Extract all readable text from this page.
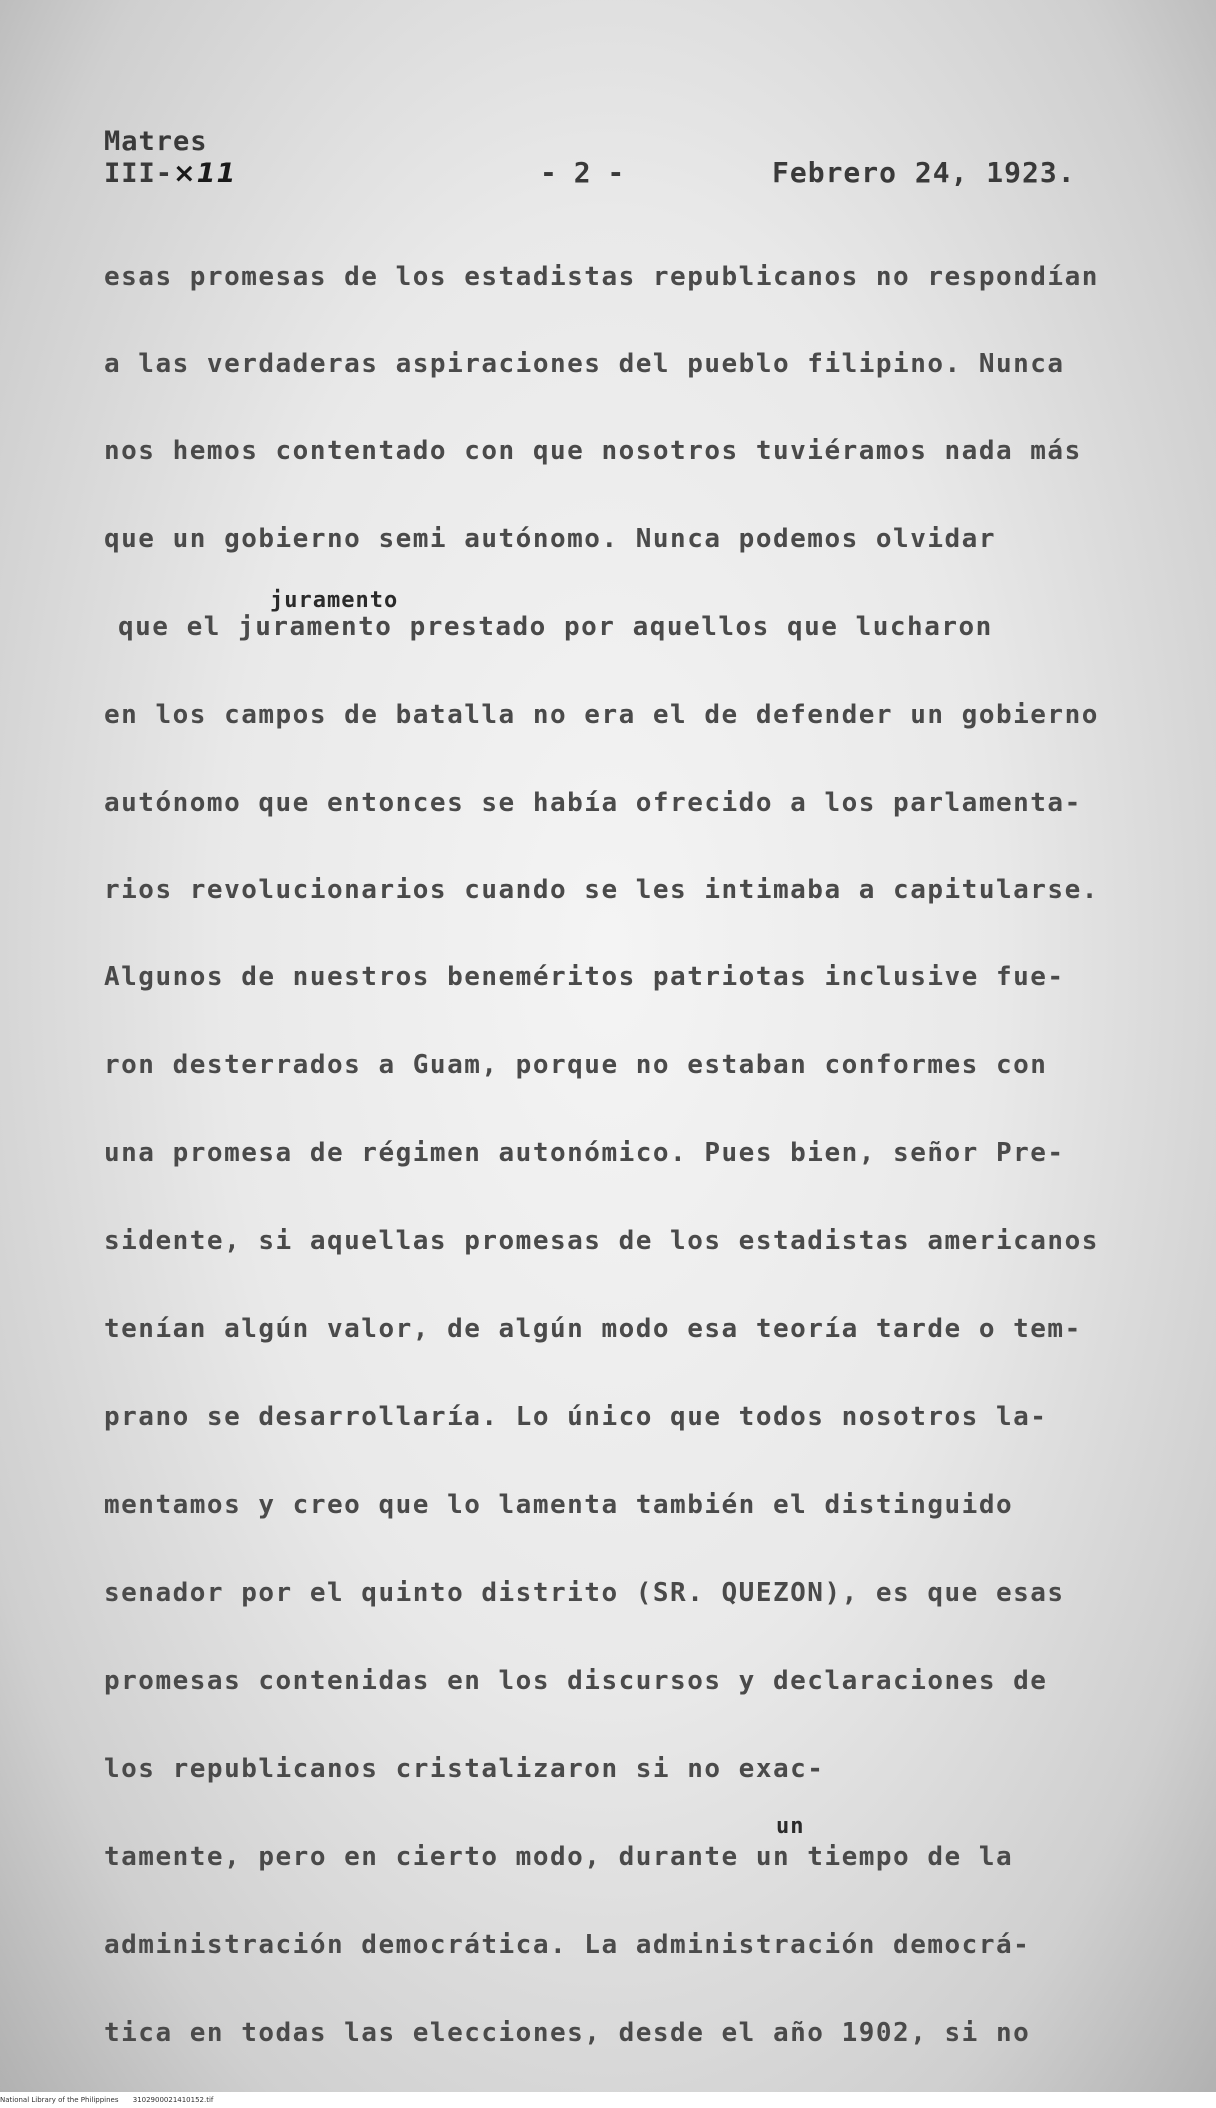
Matres
III-×11	- 2 -	Febrero 24, 1923.
esas promesas de los estadistas republicanos no respondían
a las verdaderas aspiraciones del pueblo filipino. Nunca
nos hemos contentado con que nosotros tuviéramos nada más
que un gobierno semi autónomo. Nunca podemos olvidar
juramento
que el juramento prestado por aquellos que lucharon
en los campos de batalla no era el de defender un gobierno
autónomo que entonces se había ofrecido a los parlamenta-
rios revolucionarios cuando se les intimaba a capitularse.
Algunos de nuestros beneméritos patriotas inclusive fue-
ron desterrados a Guam, porque no estaban conformes con
una promesa de régimen autonómico. Pues bien, señor Pre-
sidente, si aquellas promesas de los estadistas americanos
tenían algún valor, de algún modo esa teoría tarde o tem-
prano se desarrollaría. Lo único que todos nosotros la-
mentamos y creo que lo lamenta también el distinguido
senador por el quinto distrito (SR. QUEZON), es que esas
promesas contenidas en los discursos y declaraciones de
los republicanos cristalizaron si no exac-
un
tamente, pero en cierto modo, durante un tiempo de la
administración democrática. La administración democrá-
tica en todas las elecciones, desde el año 1902, si no
National Library of the Philippines 3102900021410152.tif
